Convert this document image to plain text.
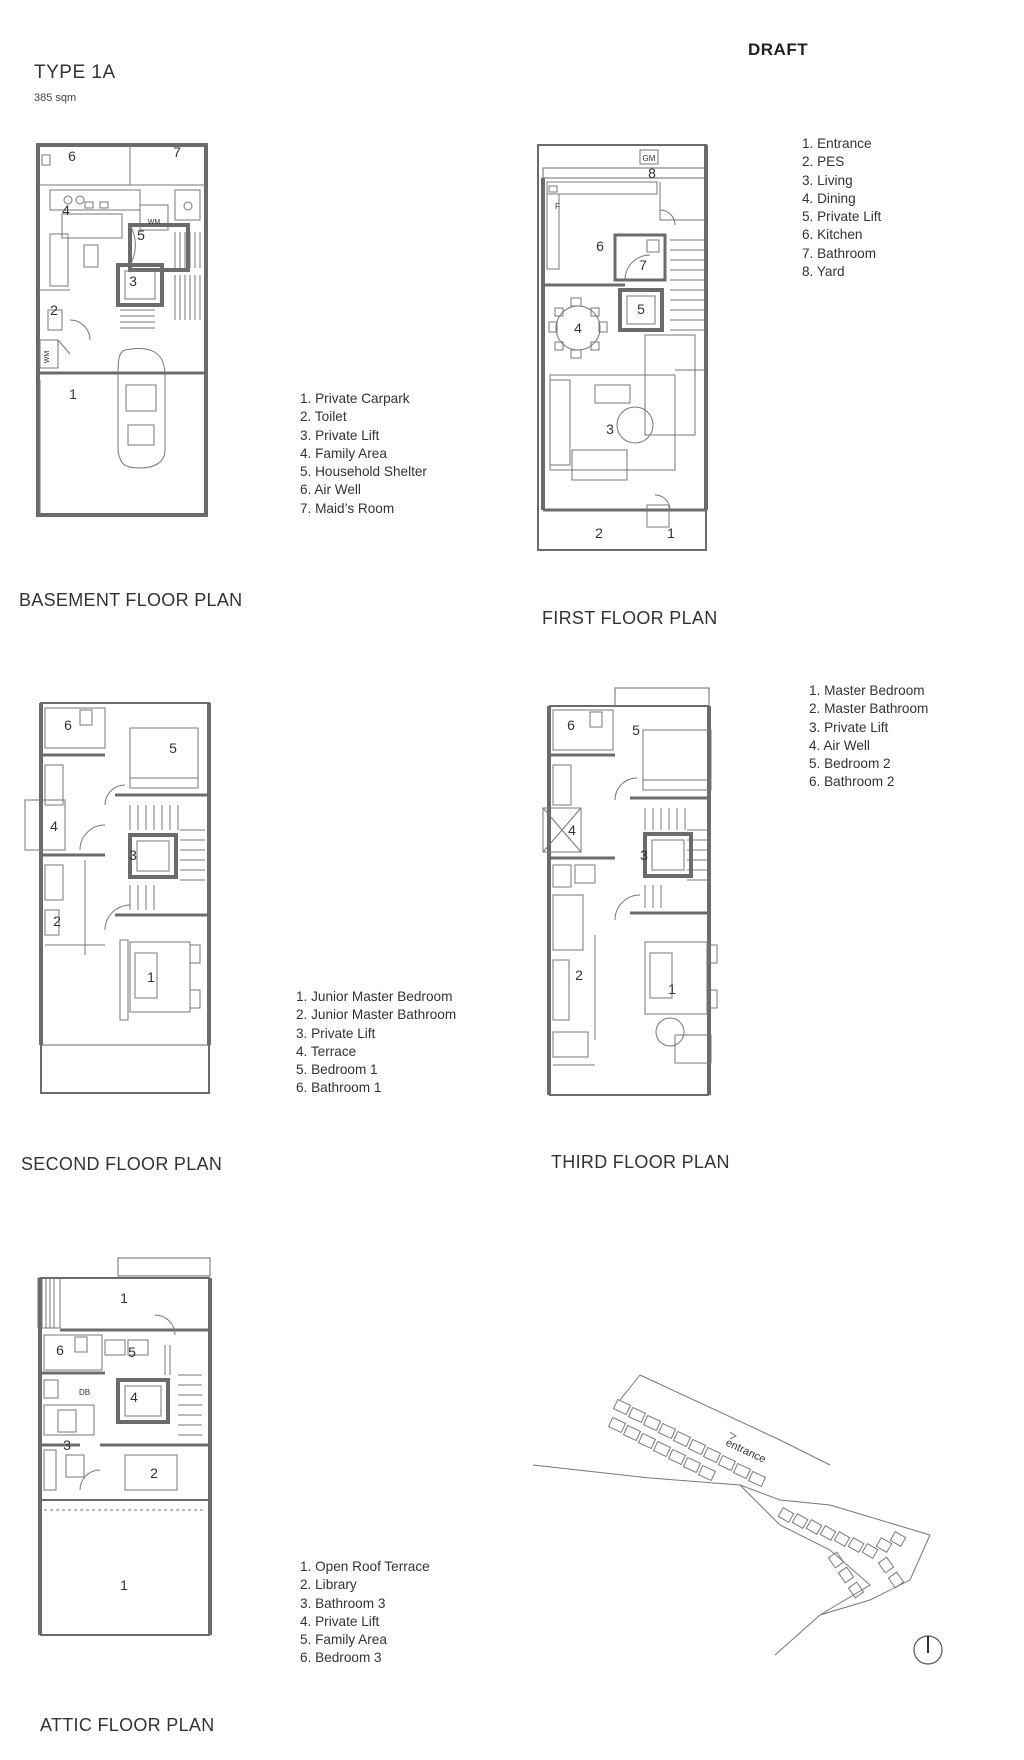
TYPE 1A
385 sqm
DRAFT
6	7
4
5
3
2
1
WM
WM
1. Private Carpark
2. Toilet
3. Private Lift
4. Family Area
5. Household Shelter
6. Air Well
7. Maid’s Room
BASEMENT FLOOR PLAN
GM
F
8
6
7
4
5
3
2	1
1. Entrance
2. PES
3. Living
4. Dining
5. Private Lift
6. Kitchen
7. Bathroom
8. Yard
FIRST FLOOR PLAN
5
6
4
3
2
1
1. Junior Master Bedroom
2. Junior Master Bathroom
3. Private Lift
4. Terrace
5. Bedroom 1
6. Bathroom 1
SECOND FLOOR PLAN
5
6
4
3
2
1
1. Master Bedroom
2. Master Bathroom
3. Private Lift
4. Air Well
5. Bedroom 2
6. Bathroom 2
THIRD FLOOR PLAN
1
6	5
4
3
2
1
DB
1. Open Roof Terrace
2. Library
3. Bathroom 3
4. Private Lift
5. Family Area
6. Bedroom 3
ATTIC FLOOR PLAN
entrance
